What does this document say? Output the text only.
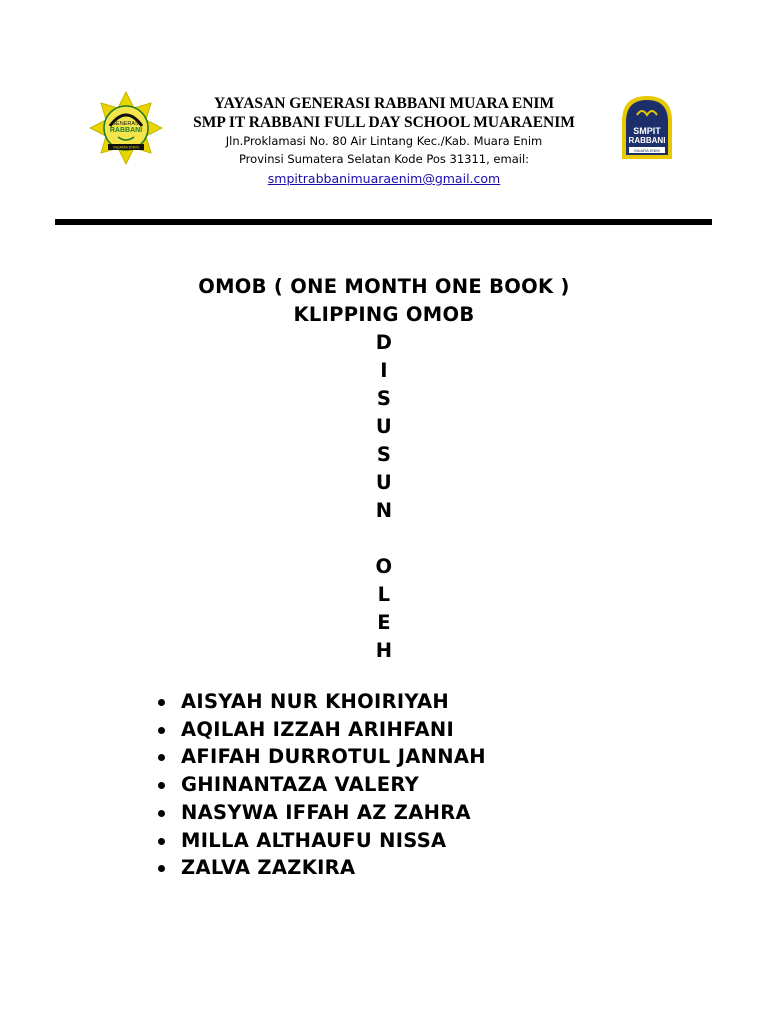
GENERASI
RABBANI
MUARA ENIM
YAYASAN GENERASI RABBANI MUARA ENIM
SMP IT RABBANI FULL DAY SCHOOL MUARAENIM
Jln.Proklamasi No. 80 Air Lintang Kec./Kab. Muara Enim
Provinsi Sumatera Selatan Kode Pos 31311, email:
smpitrabbanimuaraenim@gmail.com
SMPIT
RABBANI
MUARA ENIM
OMOB ( ONE MONTH ONE BOOK )
KLIPPING OMOB
D
I
S
U
S
U
N
O
L
E
H
AISYAH NUR KHOIRIYAH
AQILAH IZZAH ARIHFANI
AFIFAH DURROTUL JANNAH
GHINANTAZA VALERY
NASYWA IFFAH AZ ZAHRA
MILLA ALTHAUFU NISSA
ZALVA ZAZKIRA
